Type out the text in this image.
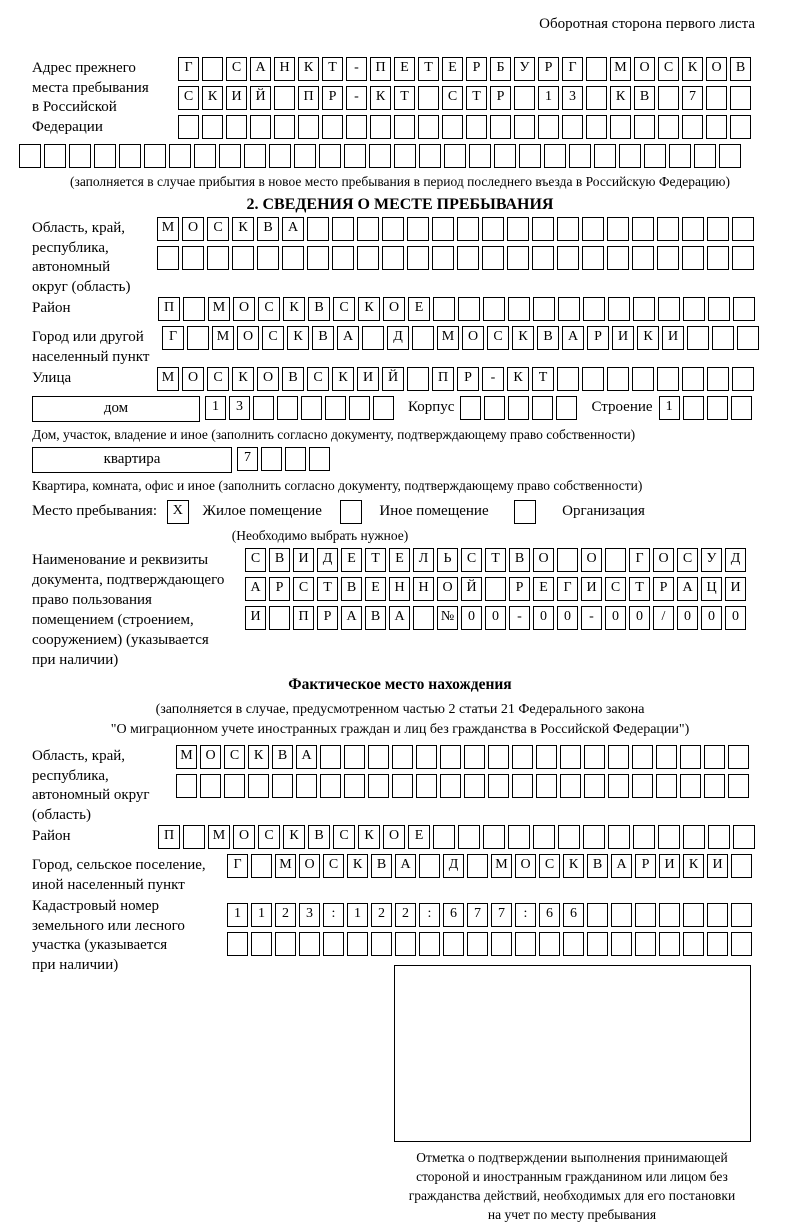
Оборотная сторона первого листа
Адрес прежнего
места пребывания
в Российской
Федерации
Г	С А Н К Т - П Е Т Е Р Б У Р Г	М О С К О В
С К И Й	П Р - К Т	С Т Р	1 3	К В	7
(заполняется в случае прибытия в новое место пребывания в период последнего въезда в Российскую Федерацию)
2. СВЕДЕНИЯ О МЕСТЕ ПРЕБЫВАНИЯ
Область, край,
республика,
автономный
округ (область)
М О С К В А
Район	П	М О С К В С К О Е
Город или другой
населенный пункт
Г	М О С К В А	Д	М О С К В А Р И К И
Улица	М О С К О В С К И Й	П Р - К Т
дом	1 3	Корпус	Строение 1
Дом, участок, владение и иное (заполнить согласно документу, подтверждающему право собственности)
квартира	7
Квартира, комната, офис и иное (заполнить согласно документу, подтверждающему право собственности)
Место пребывания: X Жилое помещение	Иное помещение	Организация
(Необходимо выбрать нужное)
Наименование и реквизиты
документа, подтверждающего
право пользования
помещением (строением,
сооружением) (указывается
при наличии)
С В И Д Е Т Е Л Ь С Т В О	О	Г О С У Д
А Р С Т В Е Н Н О Й	Р Е Г И С Т Р А Ц И
И	П Р А В А	№ 0 0 - 0 0 - 0 0 / 0 0 0
Фактическое место нахождения
(заполняется в случае, предусмотренном частью 2 статьи 21 Федерального закона
"О миграционном учете иностранных граждан и лиц без гражданства в Российской Федерации")
Область, край,
республика,
автономный округ
(область)
М О С К В А
Район	П	М О С К В С К О Е
Город, сельское поселение,
иной населенный пункт
Г	М О С К В А	Д	М О С К В А Р И К И
Кадастровый номер
земельного или лесного
участка (указывается
при наличии)
1 1 2 3 : 1 2 2 : 6 7 7 : 6 6
Отметка о подтверждении выполнения принимающей
стороной и иностранным гражданином или лицом без
гражданства действий, необходимых для его постановки
на учет по месту пребывания
